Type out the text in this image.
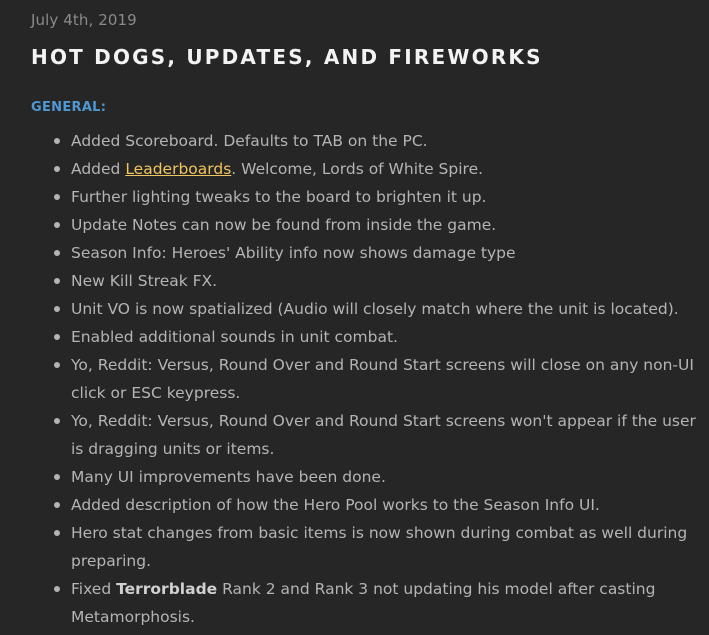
July 4th, 2019
HOT DOGS, UPDATES, AND FIREWORKS
GENERAL:
Added Scoreboard. Defaults to TAB on the PC.
Added Leaderboards. Welcome, Lords of White Spire.
Further lighting tweaks to the board to brighten it up.
Update Notes can now be found from inside the game.
Season Info: Heroes' Ability info now shows damage type
New Kill Streak FX.
Unit VO is now spatialized (Audio will closely match where the unit is located).
Enabled additional sounds in unit combat.
Yo, Reddit: Versus, Round Over and Round Start screens will close on any non-UI click or ESC keypress.
Yo, Reddit: Versus, Round Over and Round Start screens won't appear if the user is dragging units or items.
Many UI improvements have been done.
Added description of how the Hero Pool works to the Season Info UI.
Hero stat changes from basic items is now shown during combat as well during preparing.
Fixed Terrorblade Rank 2 and Rank 3 not updating his model after casting Metamorphosis.
